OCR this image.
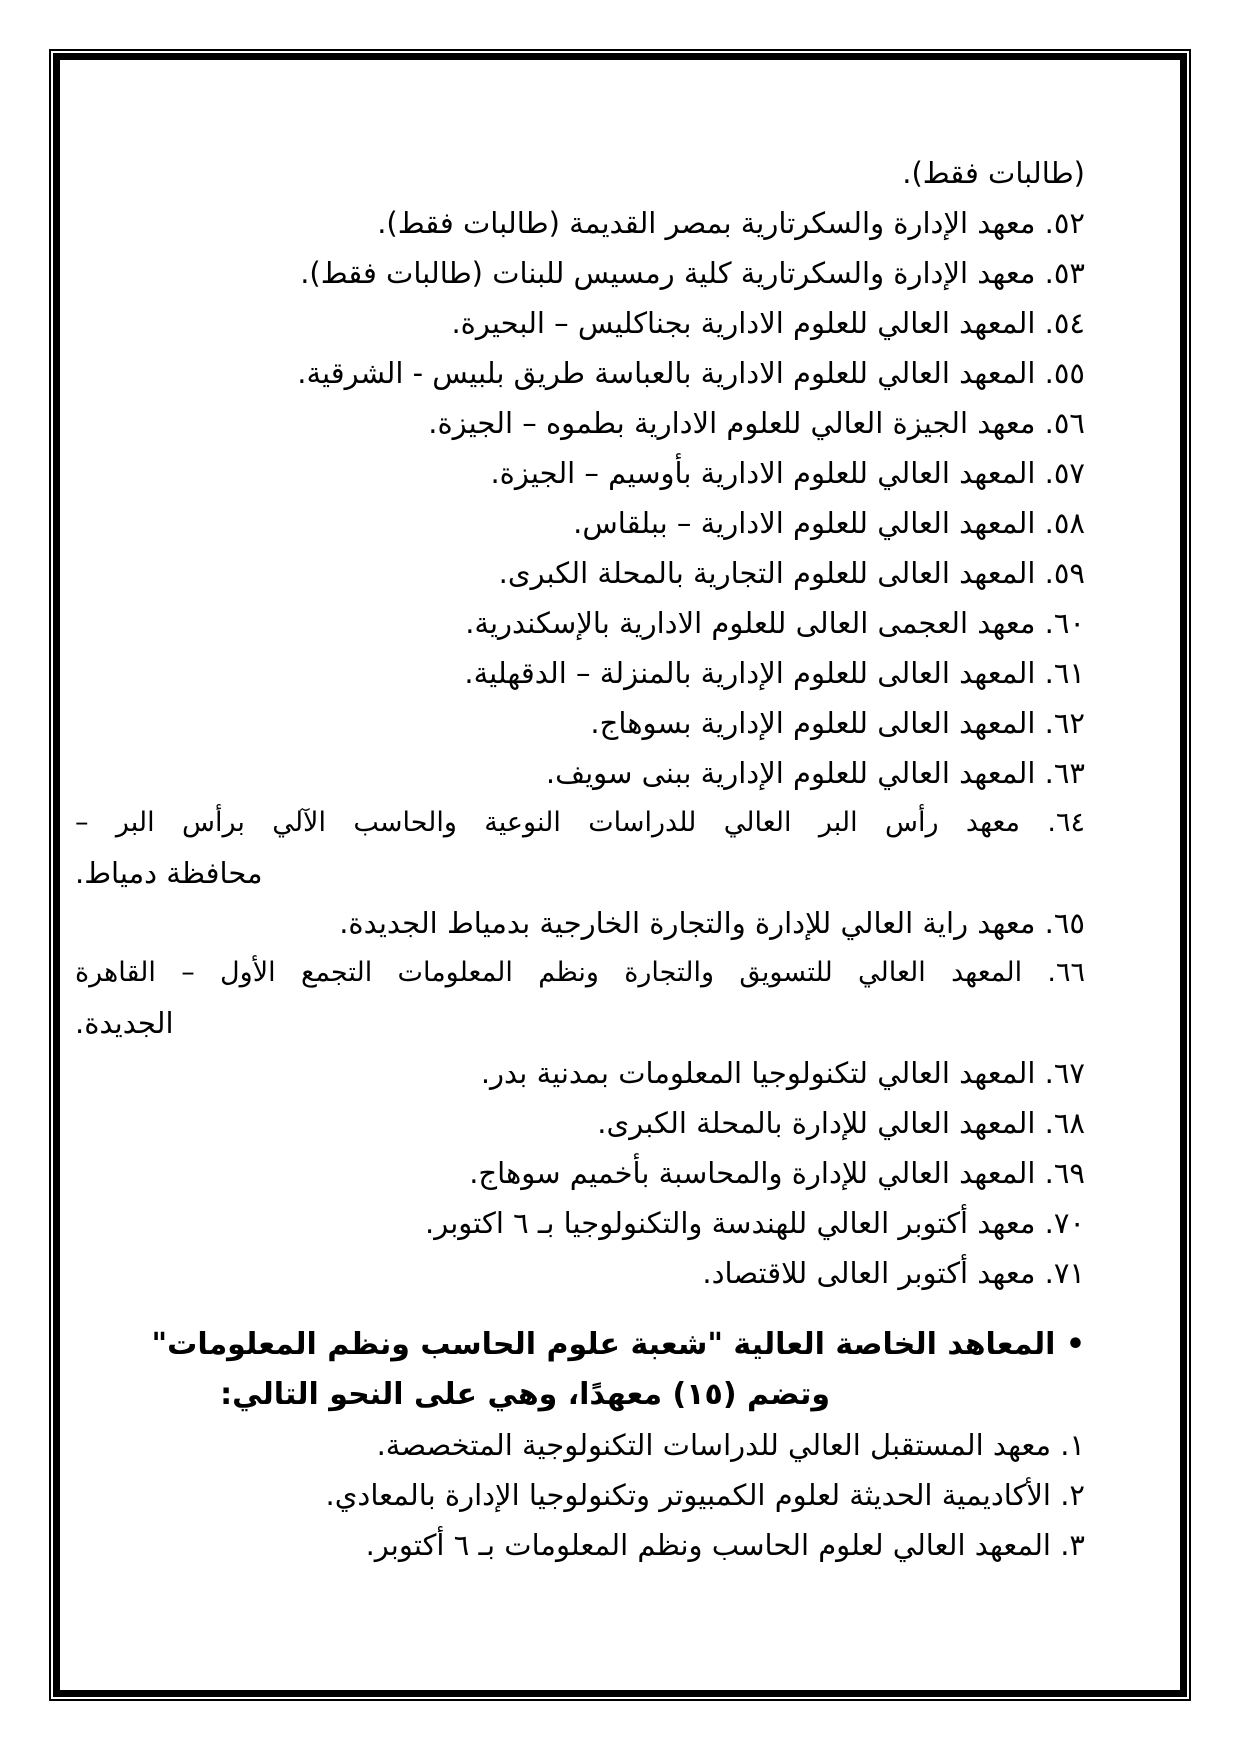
(طالبات فقط).
٥٢. معهد الإدارة والسكرتارية بمصر القديمة (طالبات فقط).
٥٣. معهد الإدارة والسكرتارية كلية رمسيس للبنات (طالبات فقط).
٥٤. المعهد العالي للعلوم الادارية بجناكليس – البحيرة.
٥٥. المعهد العالي للعلوم الادارية بالعباسة طريق بلبيس - الشرقية.
٥٦. معهد الجيزة العالي للعلوم الادارية بطموه – الجيزة.
٥٧. المعهد العالي للعلوم الادارية بأوسيم – الجيزة.
٥٨. المعهد العالي للعلوم الادارية – ببلقاس.
٥٩. المعهد العالى للعلوم التجارية بالمحلة الكبرى.
٦٠. معهد العجمى العالى للعلوم الادارية بالإسكندرية.
٦١. المعهد العالى للعلوم الإدارية بالمنزلة – الدقهلية.
٦٢. المعهد العالى للعلوم الإدارية بسوهاج.
٦٣. المعهد العالي للعلوم الإدارية ببنى سويف.
٦٤. معهد رأس البر العالي للدراسات النوعية والحاسب الآلي برأس البر –
محافظة دمياط.
٦٥. معهد راية العالي للإدارة والتجارة الخارجية بدمياط الجديدة.
٦٦. المعهد العالي للتسويق والتجارة ونظم المعلومات التجمع الأول – القاهرة
الجديدة.
٦٧. المعهد العالي لتكنولوجيا المعلومات بمدنية بدر.
٦٨. المعهد العالي للإدارة بالمحلة الكبرى.
٦٩. المعهد العالي للإدارة والمحاسبة بأخميم سوهاج.
٧٠. معهد أكتوبر العالي للهندسة والتكنولوجيا بـ ٦ اكتوبر.
٧١. معهد أكتوبر العالى للاقتصاد.
• المعاهد الخاصة العالية "شعبة علوم الحاسب ونظم المعلومات"
وتضم (١٥) معهدًا، وهي على النحو التالي:
١. معهد المستقبل العالي للدراسات التكنولوجية المتخصصة.
٢. الأكاديمية الحديثة لعلوم الكمبيوتر وتكنولوجيا الإدارة بالمعادي.
٣. المعهد العالي لعلوم الحاسب ونظم المعلومات بـ ٦ أكتوبر.
